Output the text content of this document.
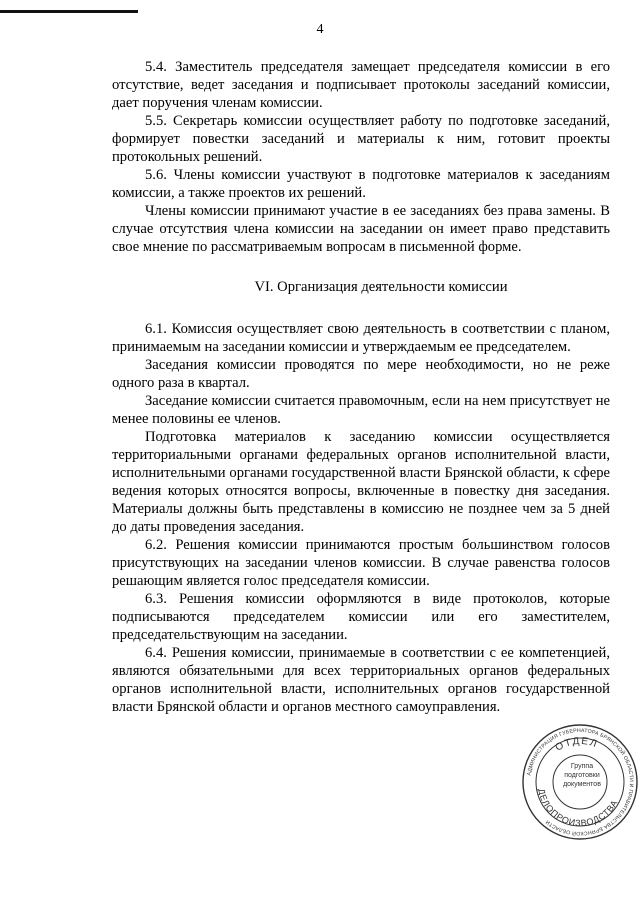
4

5.4. Заместитель председателя замещает председателя комиссии в его отсутствие, ведет заседания и подписывает протоколы заседаний комиссии, дает поручения членам комиссии.

5.5. Секретарь комиссии осуществляет работу по подготовке заседаний, формирует повестки заседаний и материалы к ним, готовит проекты протокольных решений.

5.6. Члены комиссии участвуют в подготовке материалов к заседаниям комиссии, а также проектов их решений.

Члены комиссии принимают участие в ее заседаниях без права замены. В случае отсутствия члена комиссии на заседании он имеет право представить свое мнение по рассматриваемым вопросам в письменной форме.

VI. Организация деятельности комиссии

6.1. Комиссия осуществляет свою деятельность в соответствии с планом, принимаемым на заседании комиссии и утверждаемым ее председателем.

Заседания комиссии проводятся по мере необходимости, но не реже одного раза в квартал.

Заседание комиссии считается правомочным, если на нем присутствует не менее половины ее членов.

Подготовка материалов к заседанию комиссии осуществляется территориальными органами федеральных органов исполнительной власти, исполнительными органами государственной власти Брянской области, к сфере ведения которых относятся вопросы, включенные в повестку дня заседания. Материалы должны быть представлены в комиссию не позднее чем за 5 дней до даты проведения заседания.

6.2. Решения комиссии принимаются простым большинством голосов присутствующих на заседании членов комиссии. В случае равенства голосов решающим является голос председателя комиссии.

6.3. Решения комиссии оформляются в виде протоколов, которые подписываются председателем комиссии или его заместителем, председательствующим на заседании.

6.4. Решения комиссии, принимаемые в соответствии с ее компетенцией, являются обязательными для всех территориальных органов федеральных органов исполнительной власти, исполнительных органов государственной власти Брянской области и органов местного самоуправления.

АДМИНИСТРАЦИЯ ГУБЕРНАТОРА БРЯНСКОЙ ОБЛАСТИ И ПРАВИТЕЛЬСТВА БРЯНСКОЙ ОБЛАСТИ
ОТДЕЛ
ДЕЛОПРОИЗВОДСТВА
Группа
подготовки
документов
